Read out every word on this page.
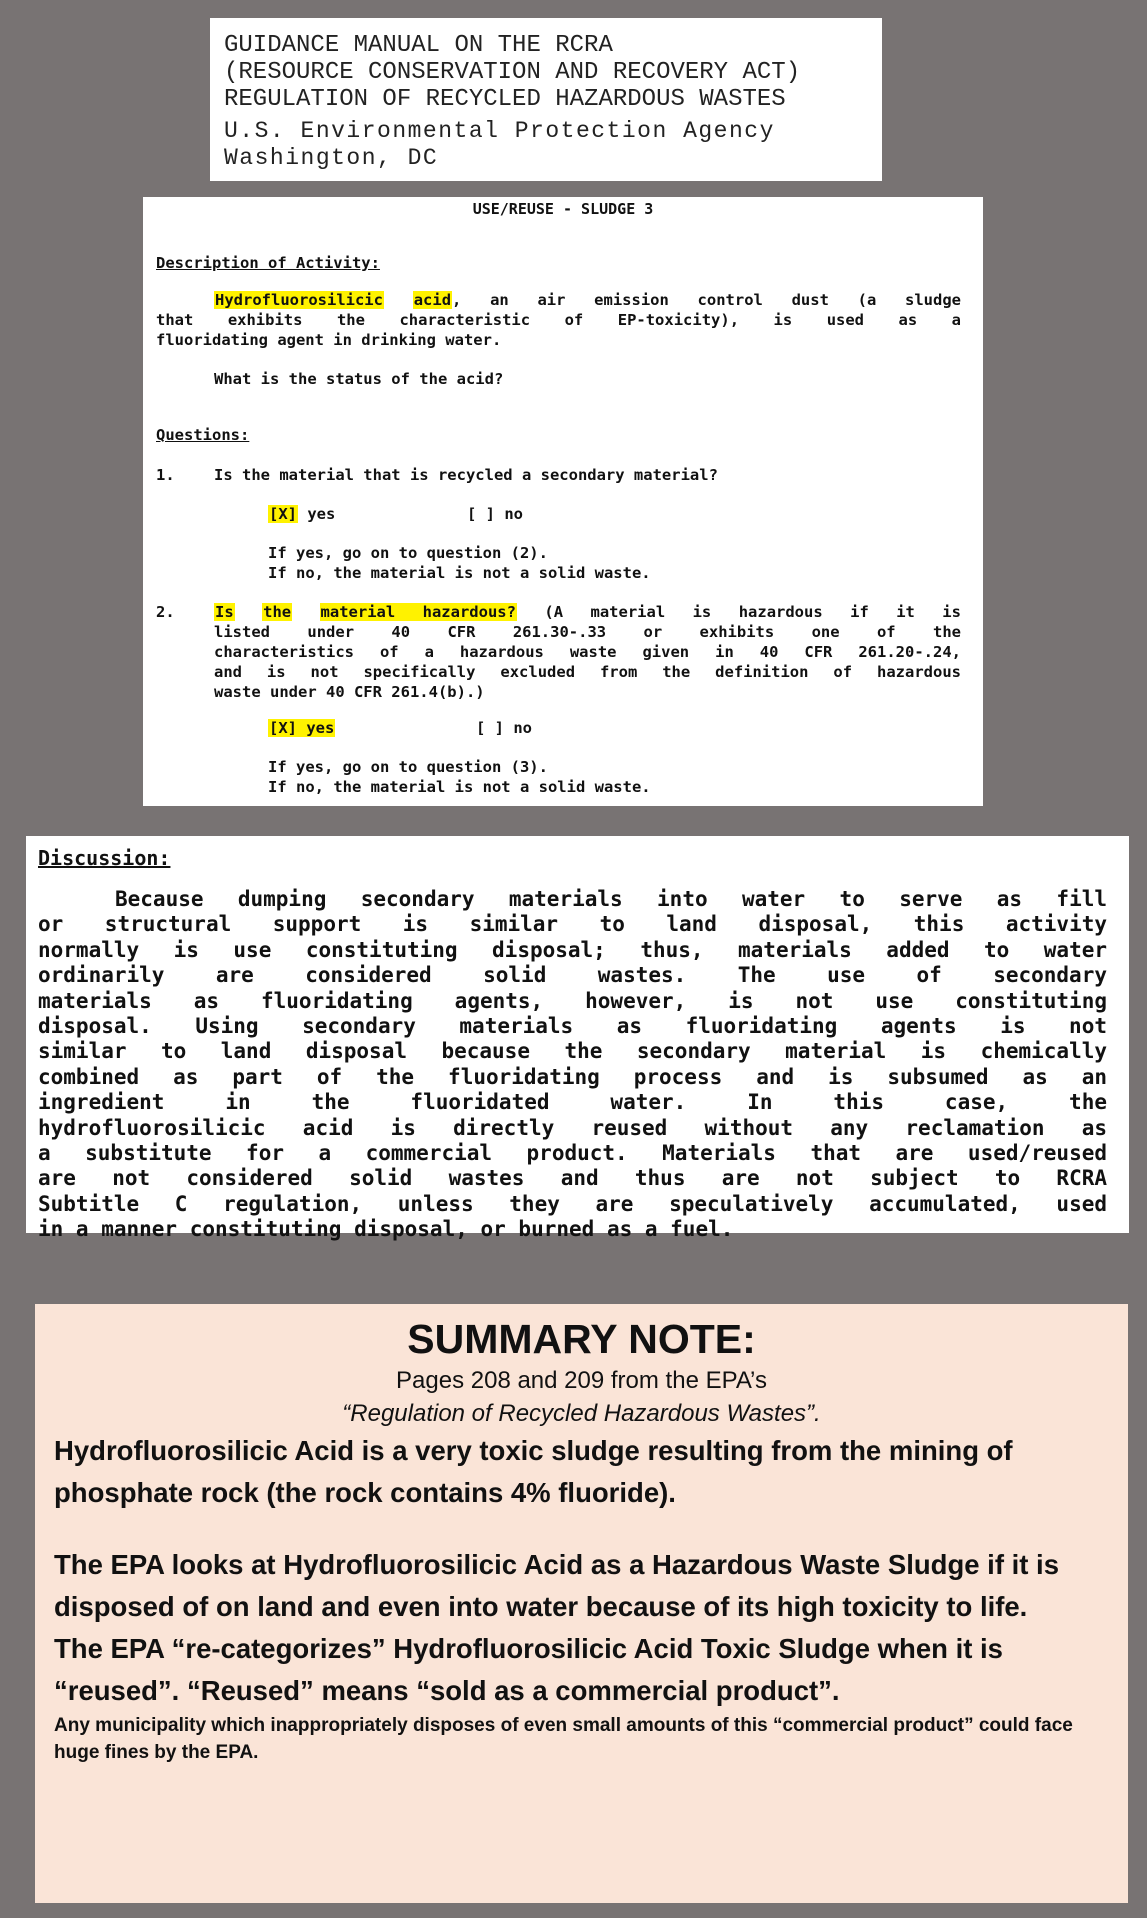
GUIDANCE MANUAL ON THE RCRA
(RESOURCE CONSERVATION AND RECOVERY ACT)
REGULATION OF RECYCLED HAZARDOUS WASTES
U.S. Environmental Protection Agency
Washington, DC
USE/REUSE - SLUDGE 3
Description of Activity:
Hydrofluorosilicic acid, an air emission control dust (a sludge
that exhibits the characteristic of EP-toxicity), is used as a
fluoridating agent in drinking water.
What is the status of the acid?
Questions:
1.	Is the material that is recycled a secondary material?
[X] yes	[ ] no
If yes, go on to question (2).
If no, the material is not a solid waste.
2.	Is the material hazardous? (A material is hazardous if it is
listed under 40 CFR 261.30-.33 or exhibits one of the
characteristics of a hazardous waste given in 40 CFR 261.20-.24,
and is not specifically excluded from the definition of hazardous
waste under 40 CFR 261.4(b).)
[X] yes	[ ] no
If yes, go on to question (3).
If no, the material is not a solid waste.
Discussion:
Because dumping secondary materials into water to serve as fill
or structural support is similar to land disposal, this activity
normally is use constituting disposal; thus, materials added to water
ordinarily are considered solid wastes. The use of secondary
materials as fluoridating agents, however, is not use constituting
disposal. Using secondary materials as fluoridating agents is not
similar to land disposal because the secondary material is chemically
combined as part of the fluoridating process and is subsumed as an
ingredient in the fluoridated water. In this case, the
hydrofluorosilicic acid is directly reused without any reclamation as
a substitute for a commercial product. Materials that are used/reused
are not considered solid wastes and thus are not subject to RCRA
Subtitle C regulation, unless they are speculatively accumulated, used
in a manner constituting disposal, or burned as a fuel.
SUMMARY NOTE:
Pages 208 and 209 from the EPA’s
“Regulation of Recycled Hazardous Wastes”.

Hydrofluorosilicic Acid is a very toxic sludge resulting from the mining of phosphate rock (the rock contains 4% fluoride).

The EPA looks at Hydrofluorosilicic Acid as a Hazardous Waste Sludge if it is disposed of on land and even into water because of its high toxicity to life.

The EPA “re-categorizes” Hydrofluorosilicic Acid Toxic Sludge when it is “reused”. “Reused” means “sold as a commercial product”.

Any municipality which inappropriately disposes of even small amounts of this “commercial product” could face huge fines by the EPA.
